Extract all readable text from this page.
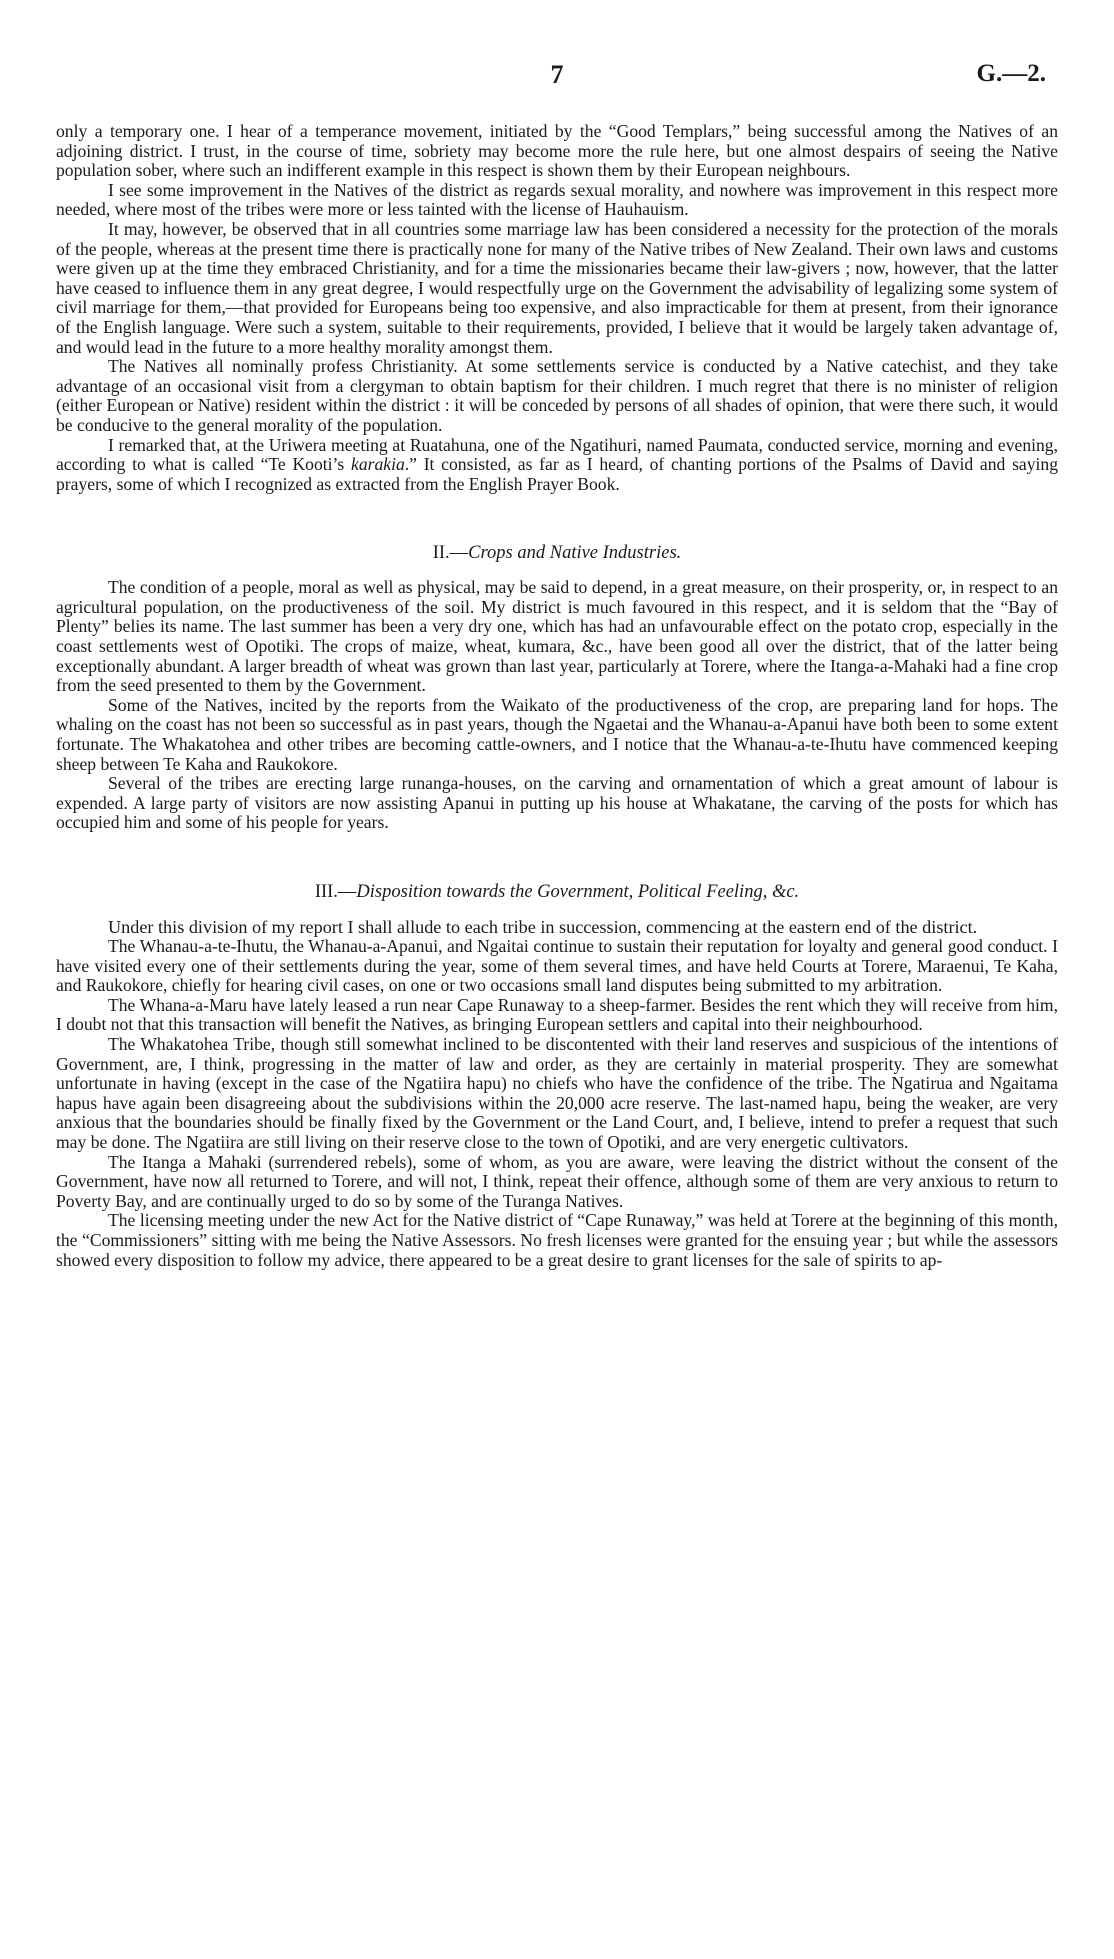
7	G.—2.

only a temporary one. I hear of a temperance movement, initiated by the “Good Templars,” being successful among the Natives of an adjoining district. I trust, in the course of time, sobriety may become more the rule here, but one almost despairs of seeing the Native population sober, where such an indifferent example in this respect is shown them by their European neighbours.

I see some improvement in the Natives of the district as regards sexual morality, and nowhere was improvement in this respect more needed, where most of the tribes were more or less tainted with the license of Hauhauism.

It may, however, be observed that in all countries some marriage law has been considered a necessity for the protection of the morals of the people, whereas at the present time there is practically none for many of the Native tribes of New Zealand. Their own laws and customs were given up at the time they embraced Christianity, and for a time the missionaries became their law-givers ; now, however, that the latter have ceased to influence them in any great degree, I would respectfully urge on the Government the advisability of legalizing some system of civil marriage for them,—that provided for Europeans being too expensive, and also impracticable for them at present, from their ignorance of the English language. Were such a system, suitable to their requirements, provided, I believe that it would be largely taken advantage of, and would lead in the future to a more healthy morality amongst them.

The Natives all nominally profess Christianity. At some settlements service is conducted by a Native catechist, and they take advantage of an occasional visit from a clergyman to obtain baptism for their children. I much regret that there is no minister of religion (either European or Native) resident within the district : it will be conceded by persons of all shades of opinion, that were there such, it would be conducive to the general morality of the population.

I remarked that, at the Uriwera meeting at Ruatahuna, one of the Ngatihuri, named Paumata, conducted service, morning and evening, according to what is called “Te Kooti’s karakia.” It consisted, as far as I heard, of chanting portions of the Psalms of David and saying prayers, some of which I recognized as extracted from the English Prayer Book.

II.—Crops and Native Industries.

The condition of a people, moral as well as physical, may be said to depend, in a great measure, on their prosperity, or, in respect to an agricultural population, on the productiveness of the soil. My district is much favoured in this respect, and it is seldom that the “Bay of Plenty” belies its name. The last summer has been a very dry one, which has had an unfavourable effect on the potato crop, especially in the coast settlements west of Opotiki. The crops of maize, wheat, kumara, &c., have been good all over the district, that of the latter being exceptionally abundant. A larger breadth of wheat was grown than last year, particularly at Torere, where the Itanga-a-Mahaki had a fine crop from the seed presented to them by the Government.

Some of the Natives, incited by the reports from the Waikato of the productiveness of the crop, are preparing land for hops. The whaling on the coast has not been so successful as in past years, though the Ngaetai and the Whanau-a-Apanui have both been to some extent fortunate. The Whakatohea and other tribes are becoming cattle-owners, and I notice that the Whanau-a-te-Ihutu have commenced keeping sheep between Te Kaha and Raukokore.

Several of the tribes are erecting large runanga-houses, on the carving and ornamentation of which a great amount of labour is expended. A large party of visitors are now assisting Apanui in putting up his house at Whakatane, the carving of the posts for which has occupied him and some of his people for years.

III.—Disposition towards the Government, Political Feeling, &c.

Under this division of my report I shall allude to each tribe in succession, commencing at the eastern end of the district.

The Whanau-a-te-Ihutu, the Whanau-a-Apanui, and Ngaitai continue to sustain their reputation for loyalty and general good conduct. I have visited every one of their settlements during the year, some of them several times, and have held Courts at Torere, Maraenui, Te Kaha, and Raukokore, chiefly for hearing civil cases, on one or two occasions small land disputes being submitted to my arbitration.

The Whana-a-Maru have lately leased a run near Cape Runaway to a sheep-farmer. Besides the rent which they will receive from him, I doubt not that this transaction will benefit the Natives, as bringing European settlers and capital into their neighbourhood.

The Whakatohea Tribe, though still somewhat inclined to be discontented with their land reserves and suspicious of the intentions of Government, are, I think, progressing in the matter of law and order, as they are certainly in material prosperity. They are somewhat unfortunate in having (except in the case of the Ngatiira hapu) no chiefs who have the confidence of the tribe. The Ngatirua and Ngaitama hapus have again been disagreeing about the subdivisions within the 20,000 acre reserve. The last-named hapu, being the weaker, are very anxious that the boundaries should be finally fixed by the Government or the Land Court, and, I believe, intend to prefer a request that such may be done. The Ngatiira are still living on their reserve close to the town of Opotiki, and are very energetic cultivators.

The Itanga a Mahaki (surrendered rebels), some of whom, as you are aware, were leaving the district without the consent of the Government, have now all returned to Torere, and will not, I think, repeat their offence, although some of them are very anxious to return to Poverty Bay, and are continually urged to do so by some of the Turanga Natives.

The licensing meeting under the new Act for the Native district of “Cape Runaway,” was held at Torere at the beginning of this month, the “Commissioners” sitting with me being the Native Assessors. No fresh licenses were granted for the ensuing year ; but while the assessors showed every disposition to follow my advice, there appeared to be a great desire to grant licenses for the sale of spirits to ap-
